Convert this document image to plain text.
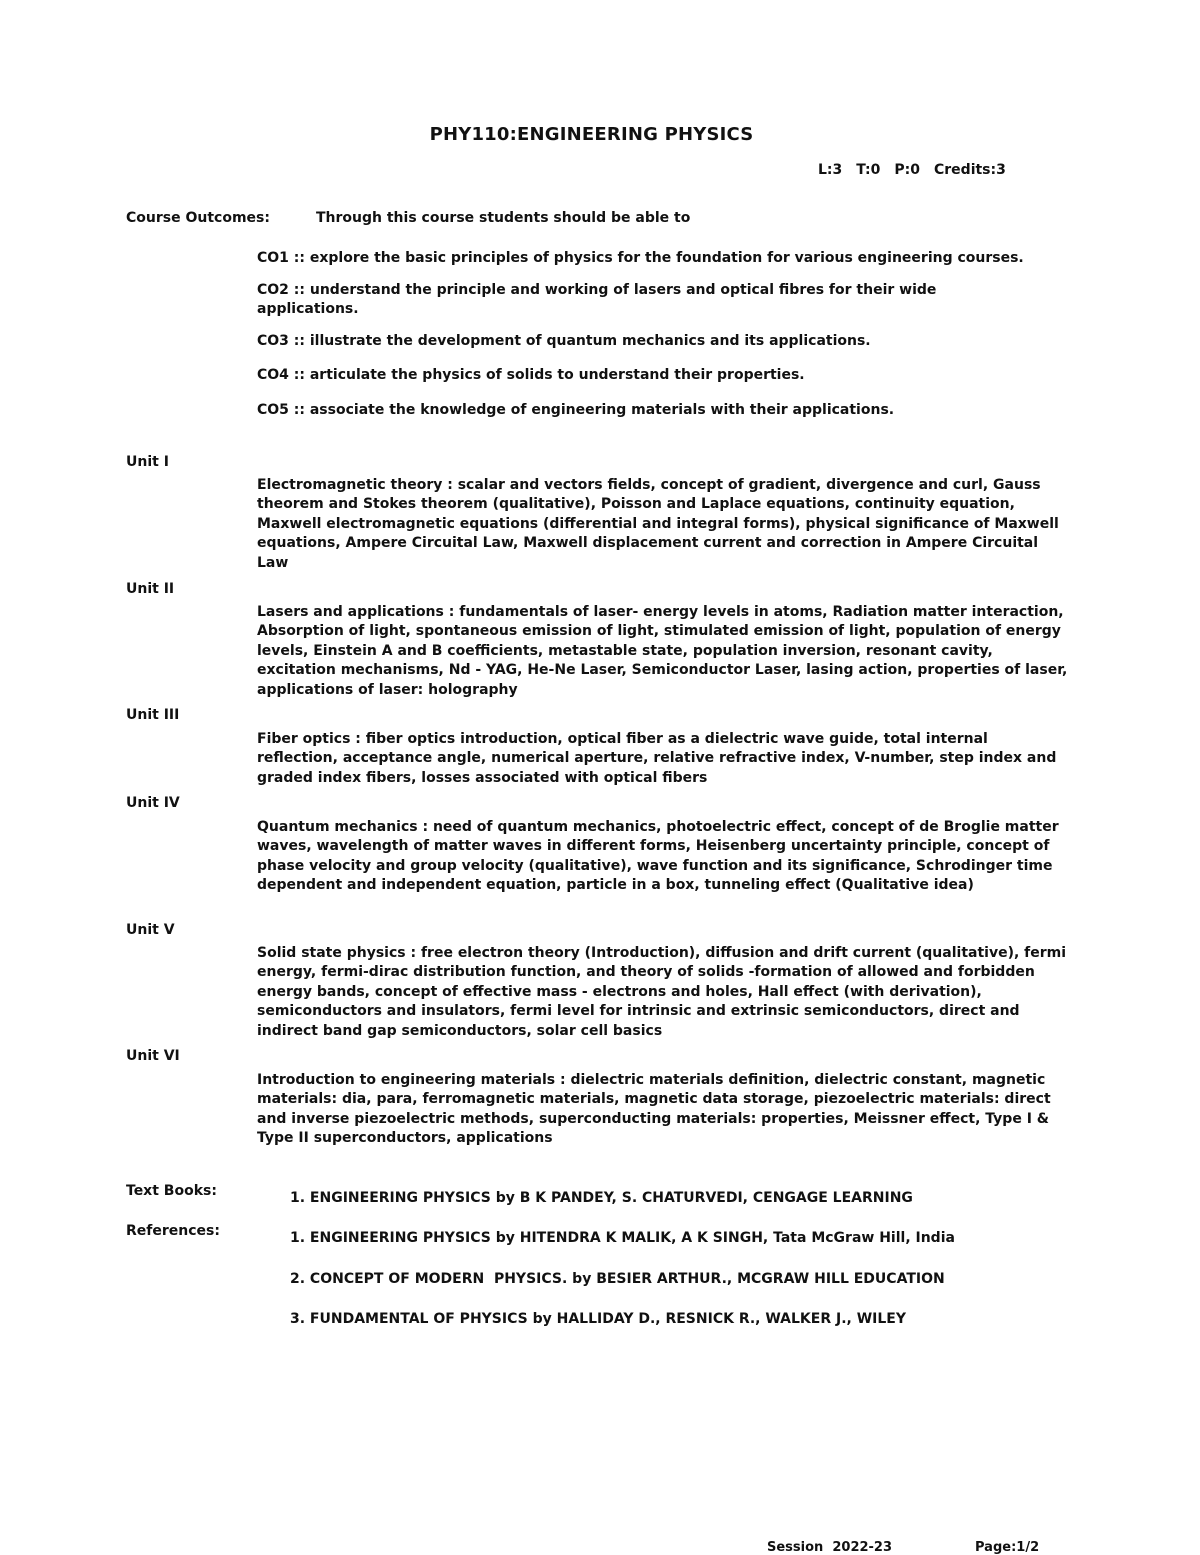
PHY110:ENGINEERING PHYSICS
L:3 T:0 P:0 Credits:3
Course Outcomes:	Through this course students should be able to
CO1 :: explore the basic principles of physics for the foundation for various engineering courses.
CO2 :: understand the principle and working of lasers and optical fibres for their wide applications.
CO3 :: illustrate the development of quantum mechanics and its applications.
CO4 :: articulate the physics of solids to understand their properties.
CO5 :: associate the knowledge of engineering materials with their applications.
Unit I
Electromagnetic theory : scalar and vectors fields, concept of gradient, divergence and curl, Gauss theorem and Stokes theorem (qualitative), Poisson and Laplace equations, continuity equation, Maxwell electromagnetic equations (differential and integral forms), physical significance of Maxwell equations, Ampere Circuital Law, Maxwell displacement current and correction in Ampere Circuital Law
Unit II
Lasers and applications : fundamentals of laser- energy levels in atoms, Radiation matter interaction, Absorption of light, spontaneous emission of light, stimulated emission of light, population of energy levels, Einstein A and B coefficients, metastable state, population inversion, resonant cavity, excitation mechanisms, Nd - YAG, He-Ne Laser, Semiconductor Laser, lasing action, properties of laser, applications of laser: holography
Unit III
Fiber optics : fiber optics introduction, optical fiber as a dielectric wave guide, total internal reflection, acceptance angle, numerical aperture, relative refractive index, V-number, step index and graded index fibers, losses associated with optical fibers
Unit IV
Quantum mechanics : need of quantum mechanics, photoelectric effect, concept of de Broglie matter waves, wavelength of matter waves in different forms, Heisenberg uncertainty principle, concept of phase velocity and group velocity (qualitative), wave function and its significance, Schrodinger time dependent and independent equation, particle in a box, tunneling effect (Qualitative idea)
Unit V
Solid state physics : free electron theory (Introduction), diffusion and drift current (qualitative), fermi energy, fermi-dirac distribution function, and theory of solids -formation of allowed and forbidden energy bands, concept of effective mass - electrons and holes, Hall effect (with derivation), semiconductors and insulators, fermi level for intrinsic and extrinsic semiconductors, direct and indirect band gap semiconductors, solar cell basics
Unit VI
Introduction to engineering materials : dielectric materials definition, dielectric constant, magnetic materials: dia, para, ferromagnetic materials, magnetic data storage, piezoelectric materials: direct and inverse piezoelectric methods, superconducting materials: properties, Meissner effect, Type I & Type II superconductors, applications
Text Books:	1. ENGINEERING PHYSICS by B K PANDEY, S. CHATURVEDI, CENGAGE LEARNING
References:	1. ENGINEERING PHYSICS by HITENDRA K MALIK, A K SINGH, Tata McGraw Hill, India
2. CONCEPT OF MODERN  PHYSICS. by BESIER ARTHUR., MCGRAW HILL EDUCATION
3. FUNDAMENTAL OF PHYSICS by HALLIDAY D., RESNICK R., WALKER J., WILEY
Session  2022-23	Page:1/2
